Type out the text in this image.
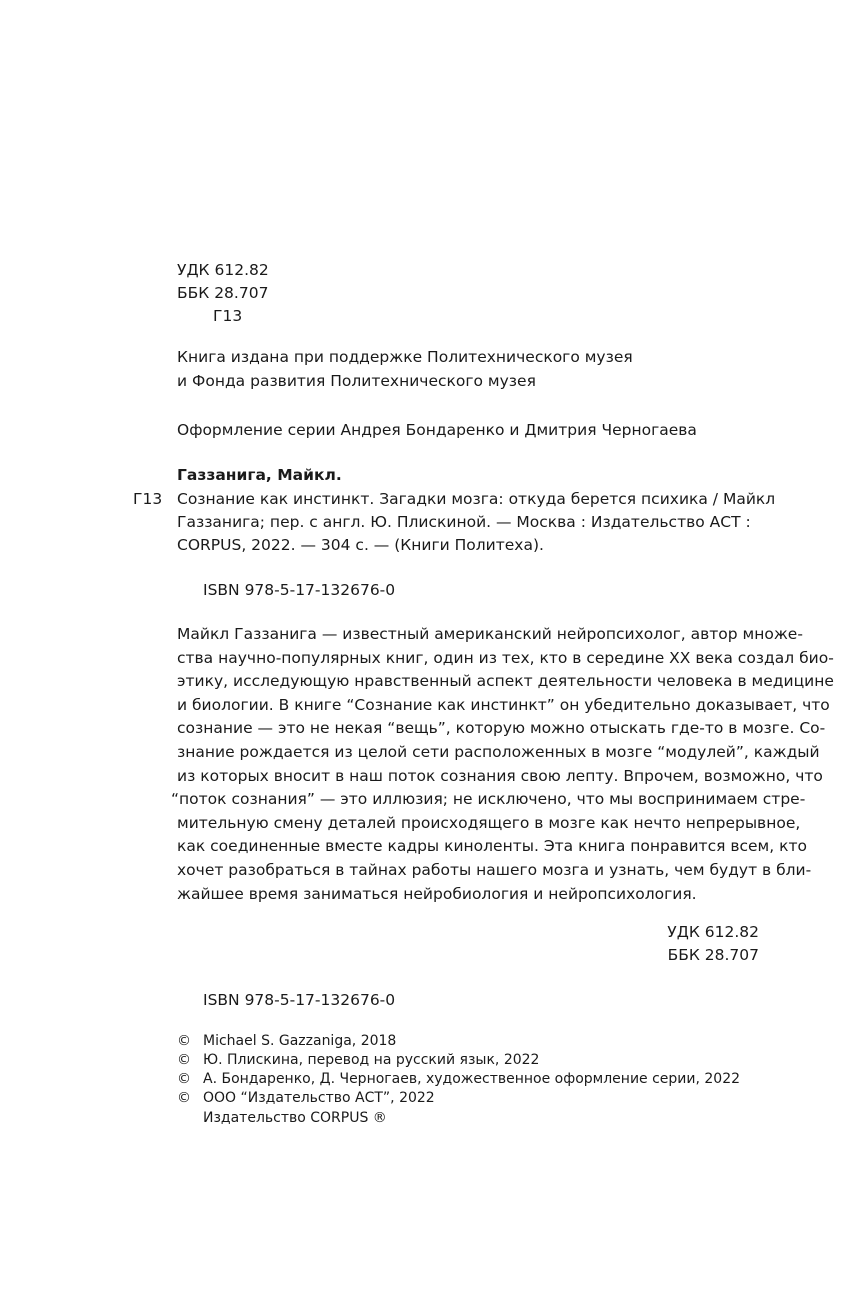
УДК 612.82
ББК 28.707
Г13
Книга издана при поддержке Политехнического музея
и Фонда развития Политехнического музея
Оформление серии Андрея Бондаренко и Дмитрия Черногаева
Газзанига, Майкл.
Г13 Сознание как инстинкт. Загадки мозга: откуда берется психика / Майкл
Газзанига; пер. с англ. Ю. Плискиной. — Москва : Издательство АСТ :
CORPUS, 2022. — 304 с. — (Книги Политеха).
ISBN 978-5-17-132676-0
Майкл Газзанига — известный американский нейропсихолог, автор множе-
ства научно-популярных книг, один из тех, кто в середине XX века создал био-
этику, исследующую нравственный аспект деятельности человека в медицине
и биологии. В книге “Сознание как инстинкт” он убедительно доказывает, что
сознание — это не некая “вещь”, которую можно отыскать где-то в мозге. Со-
знание рождается из целой сети расположенных в мозге “модулей”, каждый
из которых вносит в наш поток сознания свою лепту. Впрочем, возможно, что
“поток сознания” — это иллюзия; не исключено, что мы воспринимаем стре-
мительную смену деталей происходящего в мозге как нечто непрерывное,
как соединенные вместе кадры киноленты. Эта книга понравится всем, кто
хочет разобраться в тайнах работы нашего мозга и узнать, чем будут в бли-
жайшее время заниматься нейробиология и нейропсихология.
УДК 612.82
ББК 28.707
ISBN 978-5-17-132676-0
© Michael S. Gazzaniga, 2018
© Ю. Плискина, перевод на русский язык, 2022
© А. Бондаренко, Д. Черногаев, художественное оформление серии, 2022
© ООО “Издательство АСТ”, 2022
Издательство CORPUS ®
